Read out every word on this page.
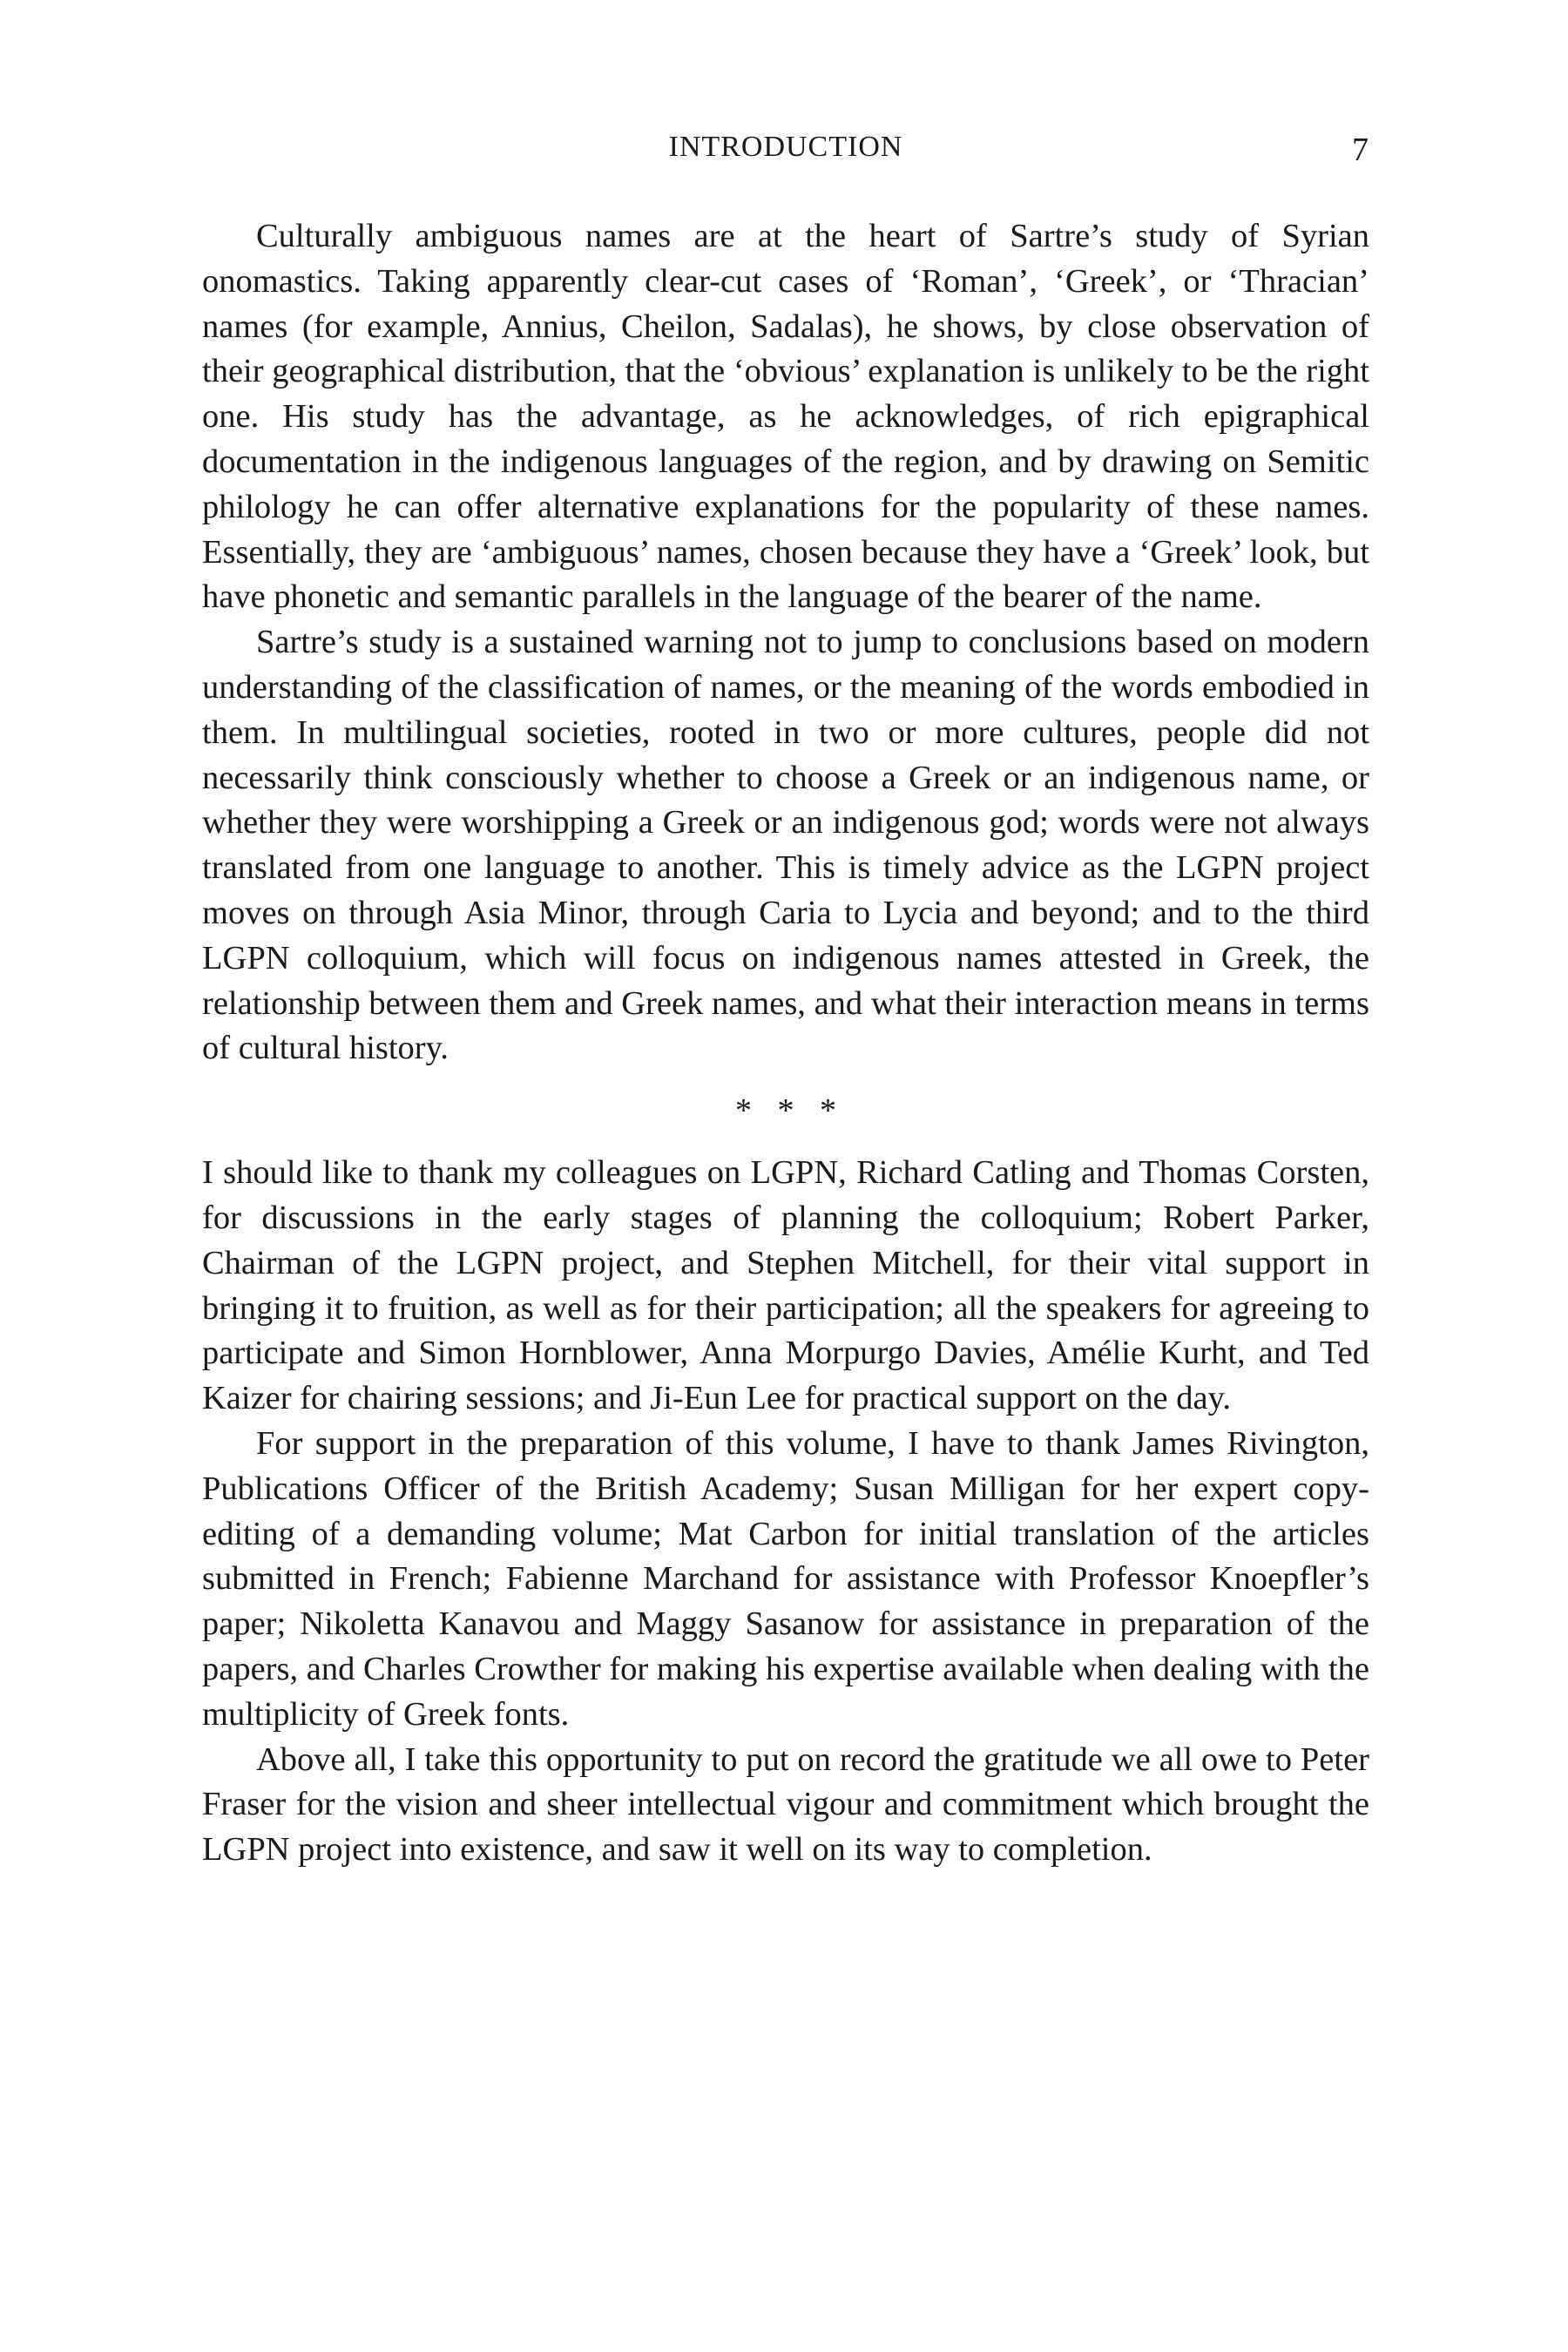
INTRODUCTION	7

Culturally ambiguous names are at the heart of Sartre’s study of Syrian onomastics. Taking apparently clear-cut cases of ‘Roman’, ‘Greek’, or ‘Thracian’ names (for example, Annius, Cheilon, Sadalas), he shows, by close observation of their geographical distribution, that the ‘obvious’ explanation is unlikely to be the right one. His study has the advantage, as he acknowledges, of rich epigraphical documentation in the indigenous languages of the region, and by drawing on Semitic philology he can offer alternative explanations for the popularity of these names. Essentially, they are ‘ambiguous’ names, chosen because they have a ‘Greek’ look, but have phonetic and semantic parallels in the language of the bearer of the name.

Sartre’s study is a sustained warning not to jump to conclusions based on modern understanding of the classification of names, or the meaning of the words embodied in them. In multilingual societies, rooted in two or more cultures, people did not necessarily think consciously whether to choose a Greek or an indigenous name, or whether they were worshipping a Greek or an indigenous god; words were not always translated from one language to another. This is timely advice as the LGPN project moves on through Asia Minor, through Caria to Lycia and beyond; and to the third LGPN colloquium, which will focus on indigenous names attested in Greek, the relationship between them and Greek names, and what their interaction means in terms of cultural history.

* * *

I should like to thank my colleagues on LGPN, Richard Catling and Thomas Corsten, for discussions in the early stages of planning the colloquium; Robert Parker, Chairman of the LGPN project, and Stephen Mitchell, for their vital support in bringing it to fruition, as well as for their participation; all the speakers for agreeing to participate and Simon Hornblower, Anna Morpurgo Davies, Amélie Kurht, and Ted Kaizer for chairing sessions; and Ji-Eun Lee for practical support on the day.

For support in the preparation of this volume, I have to thank James Rivington, Publications Officer of the British Academy; Susan Milligan for her expert copy-editing of a demanding volume; Mat Carbon for initial translation of the articles submitted in French; Fabienne Marchand for assistance with Professor Knoepfler’s paper; Nikoletta Kanavou and Maggy Sasanow for assistance in preparation of the papers, and Charles Crowther for making his expertise available when dealing with the multiplicity of Greek fonts.

Above all, I take this opportunity to put on record the gratitude we all owe to Peter Fraser for the vision and sheer intellectual vigour and commitment which brought the LGPN project into existence, and saw it well on its way to completion.
